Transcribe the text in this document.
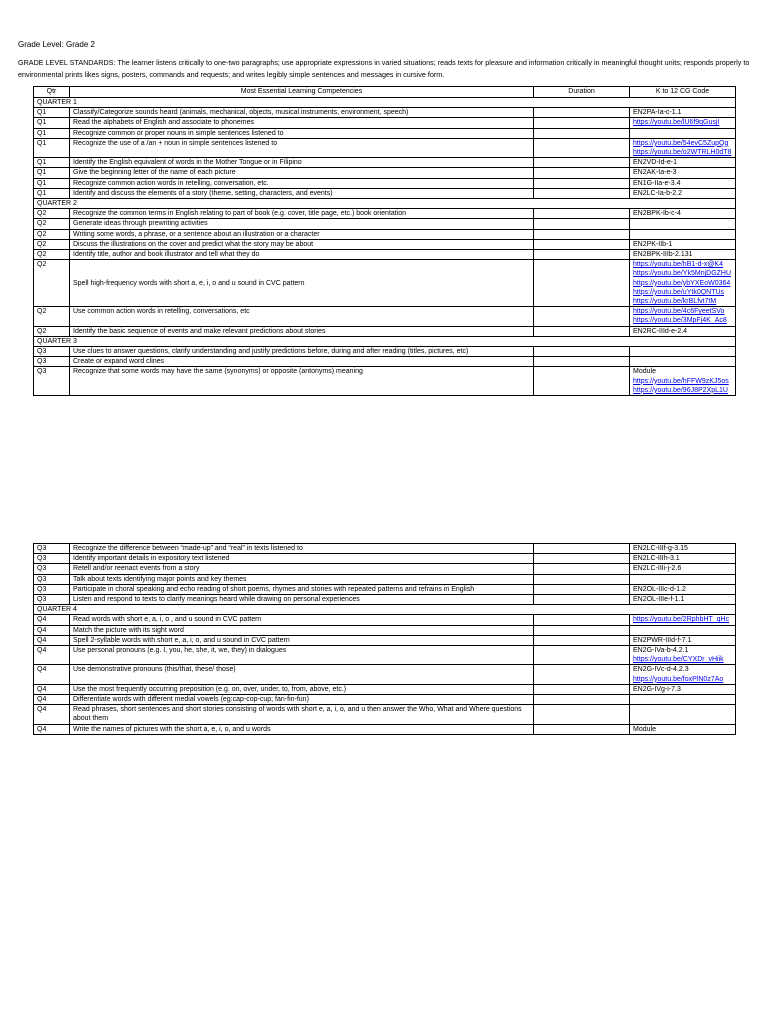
Grade Level: Grade 2
GRADE LEVEL STANDARDS: The learner listens critically to one-two paragraphs; use appropriate expressions in varied situations; reads texts for pleasure and information critically in meaningful thought units; responds properly to environmental prints likes signs, posters, commands and requests; and writes legibly simple sentences and messages in cursive form.
Qtr	Most Essential Learning Competencies	Duration	K to 12 CG Code
QUARTER 1			
Q1	Classify/Categorize sounds heard (animals, mechanical, objects, musical instruments, environment, speech)		EN2PA-Ia-c-1.1

Q1	Read the alphabets of English and associate to phonemes		https://youtu.be/lU6f9qGusjI

Q1	Recognize common or proper nouns in simple sentences listened to		
Q1	Recognize the use of a /an + noun in simple sentences listened to		https://youtu.be/54evC5ZupQg
https://youtu.be/o2WTRLH0dT8

Q1	Identify the English equivalent of words in the Mother Tongue or in Filipino		EN2VD-Id-e-1

Q1	Give the beginning letter of the name of each picture		EN2AK-Ia-e-3

Q1	Recognize common action words in retelling, conversation, etc.		EN1G-IIa-e-3.4

Q1	Identify and discuss the elements of a story (theme, setting, characters, and events)		EN2LC-Ia-b-2.2

QUARTER 2			
Q2	Recognize the common terms in English relating to part of book (e.g. cover, title page, etc.) book orientation		EN2BPK-Ib-c-4

Q2	Generate ideas through prewriting activities		
Q2	Writing some words, a phrase, or a sentence about an illustration or a character		
Q2	Discuss the illustrations on the cover and predict what the story may be about		EN2PK-IIb-1

Q2	Identify title, author and book illustrator and tell what they do		EN2BPK-IIIb-2.131

Q2	Spell high-frequency words with short a, e, i, o and u sound in CVC pattern		https://youtu.be/hB1-d-x@K4
https://youtu.be/Yk5MnjDGZHU
https://youtu.be/ybYXEoW0364
https://youtu.be/uYtk0QNTUs
https://youtu.be/krBLfvt7tM

Q2	Use common action words in retelling, conversations, etc		https://youtu.be/4c6FyeetSVo
https://youtu.be/3MpFj4K_Ac8

Q2	Identify the basic sequence of events and make relevant predictions about stories		EN2RC-IIId-e-2.4

QUARTER 3			
Q3	Use clues to answer questions, clarify understanding and justify predictions before, during and after reading (titles, pictures, etc)		
Q3	Create or expand word clines		
Q3	Recognize that some words may have the same (synonyms) or opposite (antonyms) meaning		Module
https://youtu.be/hFFW9zKJ5os
https://youtu.be/96J8P2XpL1U
Q3	Recognize the difference between “made-up” and “real” in texts listened to		EN2LC-IIIf-g-3.15

Q3	Identify important details in expository text listened		EN2LC-IIIh-3.1

Q3	Retell and/or reenact events from a story		EN2LC-IIIi-j-2.6

Q3	Talk about texts identifying major points and key themes		
Q3	Participate in choral speaking and echo reading of short poems, rhymes and stories with repeated patterns and refrains in English		EN2OL-IIIc-d-1.2

Q3	Listen and respond to texts to clarify meanings heard while drawing on personal experiences		EN2OL-IIIe-f-1.1

QUARTER 4			
Q4	Read words with short e, a, i, o , and u sound in CVC pattern		https://youtu.be/2RphbHT_qHc

Q4	Match the picture with its sight word		
Q4	Spell 2-syllable words with short e, a, i, o, and u sound in CVC pattern		EN2PWR-IIId-f-7.1

Q4	Use personal pronouns (e.g. I, you, he, she, it, we, they) in dialogues		EN2G-IVa-b-4.2.1
https://youtu.be/CYXDr_vHiik

Q4	Use demonstrative pronouns (this/that, these/ those)		EN2G-IVc-d-4.2.3
https://youtu.be/foxPlN0z7Ao

Q4	Use the most frequently occurring preposition (e.g. on, over, under, to, from, above, etc.)		EN2G-IVg-i-7.3

Q4	Differentiate words with different medial vowels (eg:cap-cop-cup; fan-fin-fun)		
Q4	Read phrases, short sentences and short stories consisting of words with short e, a, i, o, and u then answer the Who, What and Where questions about them		
Q4	Write the names of pictures with the short a, e, i, o, and u words		Module
